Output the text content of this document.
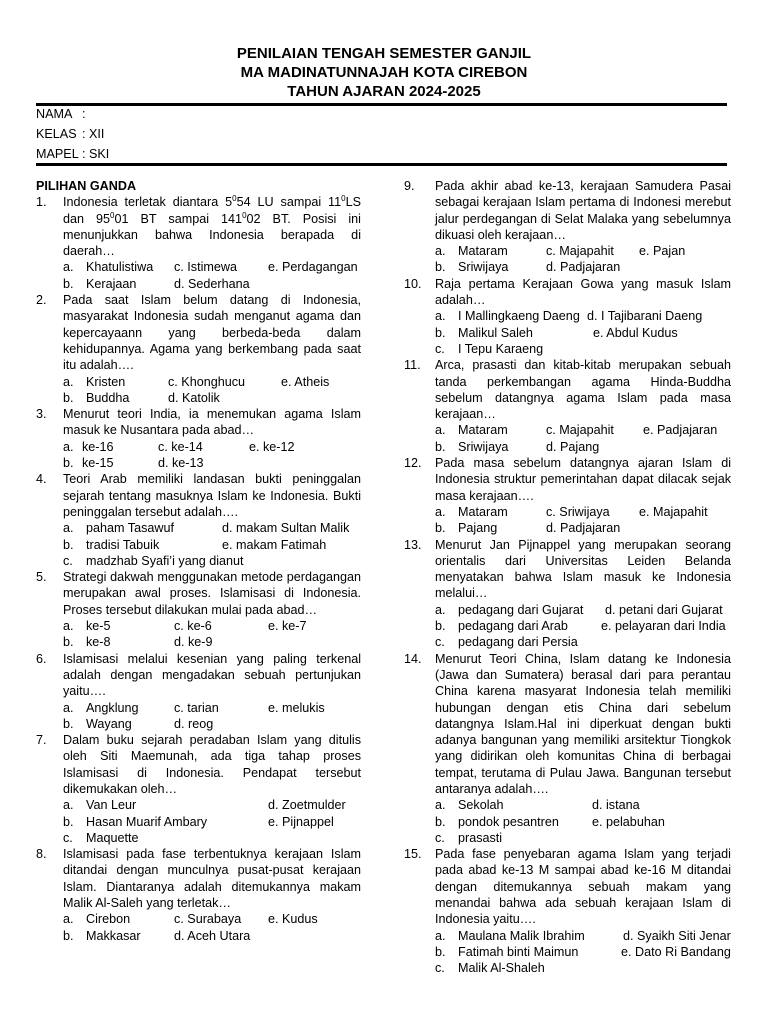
PENILAIAN TENGAH SEMESTER GANJIL
MA MADINATUNNAJAH KOTA CIREBON
TAHUN AJARAN 2024-2025
NAMA :
KELAS : XII
MAPEL : SKI
PILIHAN GANDA
1.	Indonesia terletak diantara $5^054$ LU sampai $11^0LS$ dan $95^001$ BT sampai $141^002$ BT. Posisi ini menunjukkan bahwa Indonesia berapada di daerah…
a. Khatulistiwa c. Istimewa	e. Perdagangan
b. Kerajaan	d. Sederhana
2.	Pada saat Islam belum datang di Indonesia, masyarakat Indonesia sudah menganut agama dan kepercayaann yang berbeda-beda dalam kehidupannya. Agama yang berkembang pada saat itu adalah….
a. Kristen	c. Khonghucu	e. Atheis
b. Buddha	d. Katolik
3.	Menurut teori India, ia menemukan agama Islam masuk ke Nusantara pada abad…
a. ke-16	c. ke-14	e. ke-12
b. ke-15	d. ke-13
4.	Teori Arab memiliki landasan bukti peninggalan sejarah tentang masuknya Islam ke Indonesia. Bukti peninggalan tersebut adalah….
a. paham Tasawuf	d. makam Sultan Malik
b. tradisi Tabuik	e. makam Fatimah
c.	madzhab Syafi’i yang dianut
5.	Strategi dakwah menggunakan metode perdagangan merupakan awal proses. Islamisasi di Indonesia. Proses tersebut dilakukan mulai pada abad…
a. ke-5	c. ke-6	e. ke-7
b. ke-8	d. ke-9
6.	Islamisasi melalui kesenian yang paling terkenal adalah dengan mengadakan sebuah pertunjukan yaitu….
a. Angklung	c. tarian	e. melukis
b. Wayang	d. reog
7.	Dalam buku sejarah peradaban Islam yang ditulis oleh Siti Maemunah, ada tiga tahap proses Islamisasi di Indonesia. Pendapat tersebut dikemukakan oleh…
a. Van Leur	d. Zoetmulder
b. Hasan Muarif Ambary	e. Pijnappel
c.	Maquette
8.	Islamisasi pada fase terbentuknya kerajaan Islam ditandai dengan munculnya pusat-pusat kerajaan Islam. Diantaranya adalah ditemukannya makam Malik Al-Saleh yang terletak…
a. Cirebon	c. Surabaya	e. Kudus
b. Makkasar	d. Aceh Utara
9.	Pada akhir abad ke-13, kerajaan Samudera Pasai sebagai kerajaan Islam pertama di Indonesi merebut jalur perdegangan di Selat Malaka yang sebelumnya dikuasi oleh kerajaan…
a. Mataram	c. Majapahit	e. Pajan
b. Sriwijaya	d. Padjajaran
10.	Raja pertama Kerajaan Gowa yang masuk Islam adalah…
a. I Mallingkaeng Daeng d. I Tajibarani Daeng
b. Malikul Saleh	e. Abdul Kudus
c.	I Tepu Karaeng
11.	Arca, prasasti dan kitab-kitab merupakan sebuah tanda perkembangan agama Hinda-Buddha sebelum datangnya agama Islam pada masa kerajaan…
a. Mataram	c. Majapahit	e. Padjajaran
b. Sriwijaya	d. Pajang
12.	Pada masa sebelum datangnya ajaran Islam di Indonesia struktur pemerintahan dapat dilacak sejak masa kerajaan….
a. Mataram	c. Sriwijaya	e. Majapahit
b. Pajang	d. Padjajaran
13.	Menurut Jan Pijnappel yang merupakan seorang orientalis dari Universitas Leiden Belanda menyatakan bahwa Islam masuk ke Indonesia melalui…
a. pedagang dari Gujarat d. petani dari Gujarat
b. pedagang dari Arab	e. pelayaran dari India
c.	pedagang dari Persia
14.	Menurut Teori China, Islam datang ke Indonesia (Jawa dan Sumatera) berasal dari para perantau China karena masyarat Indonesia telah memiliki hubungan dengan etis China dari sebelum datangnya Islam.Hal ini diperkuat dengan bukti adanya bangunan yang memiliki arsitektur Tiongkok yang didirikan oleh komunitas China di berbagai tempat, terutama di Pulau Jawa. Bangunan tersebut antaranya adalah….
a. Sekolah	d. istana
b. pondok pesantren	e. pelabuhan
c.	prasasti
15.	Pada fase penyebaran agama Islam yang terjadi pada abad ke-13 M sampai abad ke-16 M ditandai dengan ditemukannya sebuah makam yang menandai bahwa ada sebuah kerajaan Islam di Indonesia yaitu….
a. Maulana Malik Ibrahim	d. Syaikh Siti Jenar
b. Fatimah binti Maimun	e. Dato Ri Bandang
c.	Malik Al-Shaleh
